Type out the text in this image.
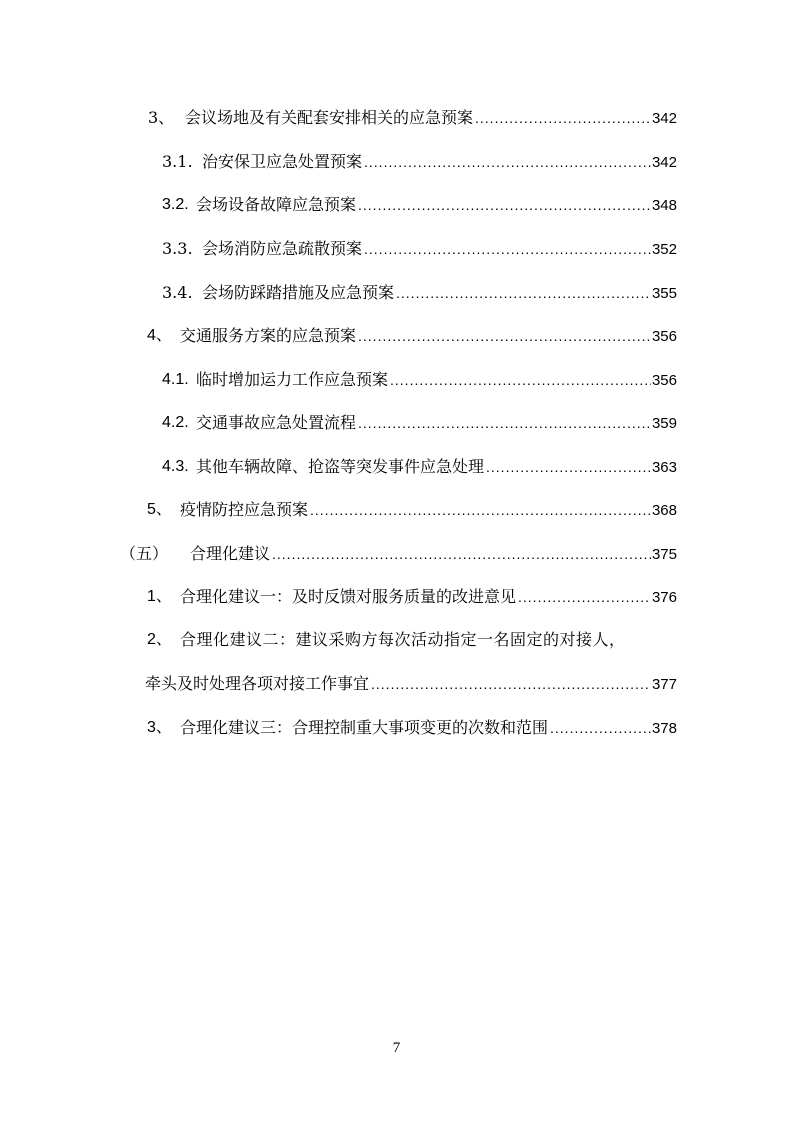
3、 会议场地及有关配套安排相关的应急预案 .....	342
3.1. 治安保卫应急处置预案 .....	342
3.2. 会场设备故障应急预案 .....	348
3.3. 会场消防应急疏散预案 .....	352
3.4. 会场防踩踏措施及应急预案 .....	355
4、 交通服务方案的应急预案 .....	356
4.1. 临时增加运力工作应急预案 .....	356
4.2. 交通事故应急处置流程 .....	359
4.3. 其他车辆故障、抢盗等突发事件应急处理 .....	363
5、 疫情防控应急预案 .....	368
（五） 合理化建议 .....	375
1、 合理化建议一：及时反馈对服务质量的改进意见 .....	376
2、 合理化建议二：建议采购方每次活动指定一名固定的对接人，
牵头及时处理各项对接工作事宜 .....	377
3、 合理化建议三：合理控制重大事项变更的次数和范围 .....	378
7
